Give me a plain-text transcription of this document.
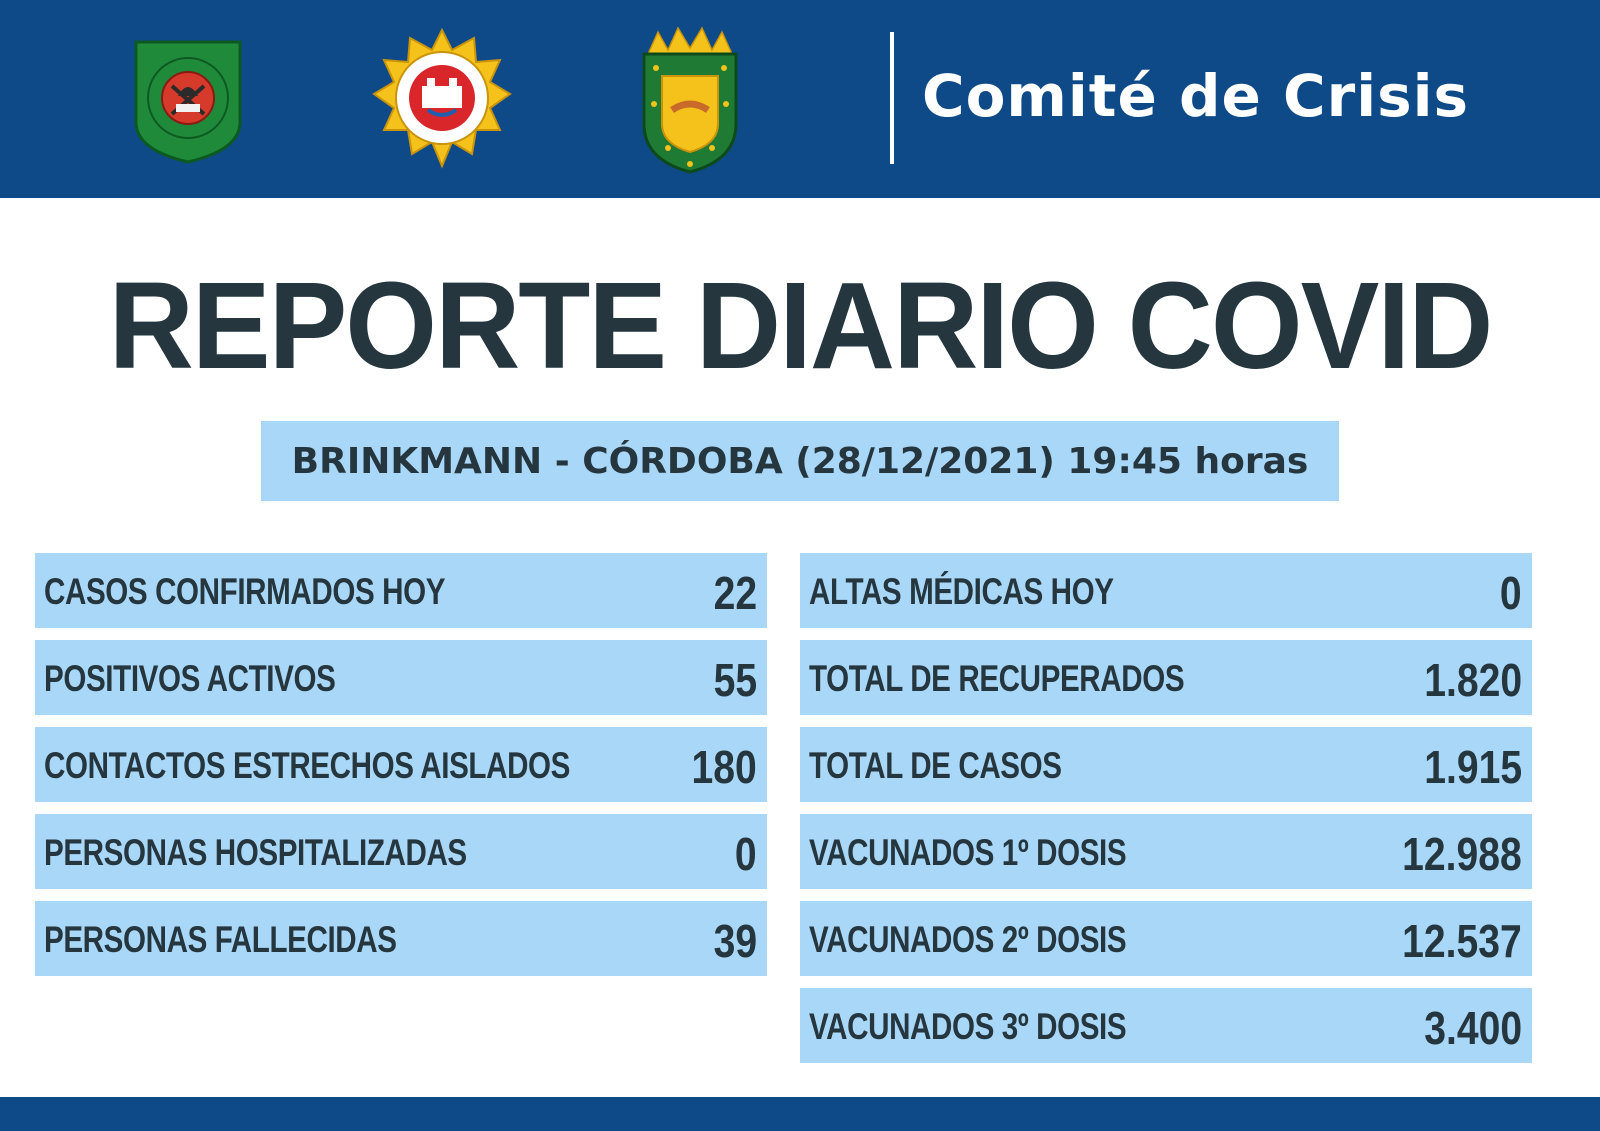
Comité de Crisis
REPORTE DIARIO COVID
BRINKMANN - CÓRDOBA (28/12/2021) 19:45 horas
CASOS CONFIRMADOS HOY	22
POSITIVOS ACTIVOS	55
CONTACTOS ESTRECHOS AISLADOS	180
PERSONAS HOSPITALIZADAS	0
PERSONAS FALLECIDAS	39
ALTAS MÉDICAS HOY	0
TOTAL DE RECUPERADOS	1.820
TOTAL DE CASOS	1.915
VACUNADOS 1º DOSIS	12.988
VACUNADOS 2º DOSIS	12.537
VACUNADOS 3º DOSIS	3.400
